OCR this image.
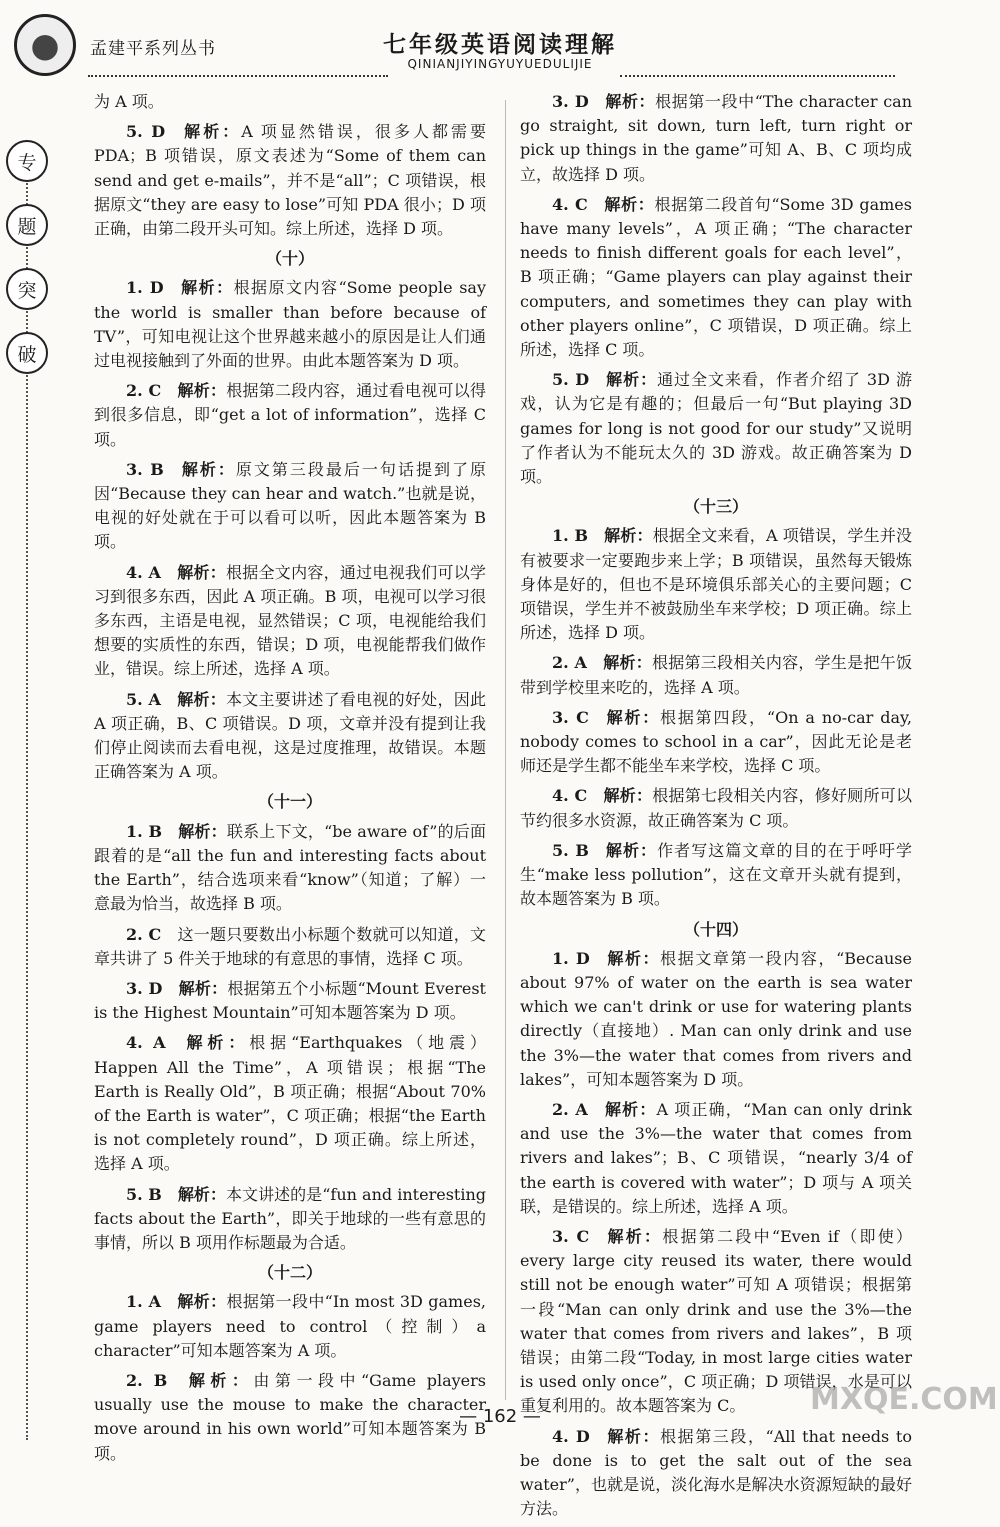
孟建平系列丛书	七年级英语阅读理解
QINIANJIYINGYUYUEDULIJIE
专
题
突
破

为 A 项。

5. D  解析：A 项显然错误，很多人都需要 PDA；B 项错误，原文表述为“Some of them can send and get e-mails”，并不是“all”；C 项错误，根据原文“they are easy to lose”可知 PDA 很小；D 项正确，由第二段开头可知。综上所述，选择 D 项。

（十）

1. D  解析：根据原文内容“Some people say the world is smaller than before because of TV”，可知电视让这个世界越来越小的原因是让人们通过电视接触到了外面的世界。由此本题答案为 D 项。

2. C  解析：根据第二段内容，通过看电视可以得到很多信息，即“get a lot of information”，选择 C 项。

3. B  解析：原文第三段最后一句话提到了原因“Because they can hear and watch.”也就是说，电视的好处就在于可以看可以听，因此本题答案为 B 项。

4. A  解析：根据全文内容，通过电视我们可以学习到很多东西，因此 A 项正确。B 项，电视可以学习很多东西，主语是电视，显然错误；C 项，电视能给我们想要的实质性的东西，错误；D 项，电视能帮我们做作业，错误。综上所述，选择 A 项。

5. A  解析：本文主要讲述了看电视的好处，因此 A 项正确，B、C 项错误。D 项，文章并没有提到让我们停止阅读而去看电视，这是过度推理，故错误。本题正确答案为 A 项。

（十一）

1. B  解析：联系上下文，“be aware of”的后面跟着的是“all the fun and interesting facts about the Earth”，结合选项来看“know”（知道；了解）一意最为恰当，故选择 B 项。

2. C  这一题只要数出小标题个数就可以知道，文章共讲了 5 件关于地球的有意思的事情，选择 C 项。

3. D  解析：根据第五个小标题“Mount Everest is the Highest Mountain”可知本题答案为 D 项。

4. A  解析：根据“Earthquakes（地震）Happen All the Time”，A 项错误；根据“The Earth is Really Old”，B 项正确；根据“About 70% of the Earth is water”，C 项正确；根据“the Earth is not completely round”，D 项正确。综上所述，选择 A 项。

5. B  解析：本文讲述的是“fun and interesting facts about the Earth”，即关于地球的一些有意思的事情，所以 B 项用作标题最为合适。

（十二）

1. A  解析：根据第一段中“In most 3D games, game players need to control（控制）a character”可知本题答案为 A 项。

2. B  解析：由第一段中“Game players usually use the mouse to make the character move around in his own world”可知本题答案为 B 项。

3. D  解析：根据第一段中“The character can go straight, sit down, turn left, turn right or pick up things in the game”可知 A、B、C 项均成立，故选择 D 项。

4. C  解析：根据第二段首句“Some 3D games have many levels”，A 项正确；“The character needs to finish different goals for each level”，B 项正确；“Game players can play against their computers, and sometimes they can play with other players online”，C 项错误，D 项正确。综上所述，选择 C 项。

5. D  解析：通过全文来看，作者介绍了 3D 游戏，认为它是有趣的；但最后一句“But playing 3D games for long is not good for our study”又说明了作者认为不能玩太久的 3D 游戏。故正确答案为 D 项。

（十三）

1. B  解析：根据全文来看，A 项错误，学生并没有被要求一定要跑步来上学；B 项错误，虽然每天锻炼身体是好的，但也不是环境俱乐部关心的主要问题；C 项错误，学生并不被鼓励坐车来学校；D 项正确。综上所述，选择 D 项。

2. A  解析：根据第三段相关内容，学生是把午饭带到学校里来吃的，选择 A 项。

3. C  解析：根据第四段，“On a no-car day, nobody comes to school in a car”，因此无论是老师还是学生都不能坐车来学校，选择 C 项。

4. C  解析：根据第七段相关内容，修好厕所可以节约很多水资源，故正确答案为 C 项。

5. B  解析：作者写这篇文章的目的在于呼吁学生“make less pollution”，这在文章开头就有提到，故本题答案为 B 项。

（十四）

1. D  解析：根据文章第一段内容，“Because about 97% of water on the earth is sea water which we can't drink or use for watering plants directly（直接地）. Man can only drink and use the 3%—the water that comes from rivers and lakes”，可知本题答案为 D 项。

2. A  解析：A 项正确，“Man can only drink and use the 3%—the water that comes from rivers and lakes”；B、C 项错误，“nearly 3/4 of the earth is covered with water”；D 项与 A 项关联，是错误的。综上所述，选择 A 项。

3. C  解析：根据第二段中“Even if（即使）every large city reused its water, there would still not be enough water”可知 A 项错误；根据第一段“Man can only drink and use the 3%—the water that comes from rivers and lakes”，B 项错误；由第二段“Today, in most large cities water is used only once”，C 项正确；D 项错误，水是可以重复利用的。故本题答案为 C。

4. D  解析：根据第三段，“All that needs to be done is to get the salt out of the sea water”，也就是说，淡化海水是解决水资源短缺的最好方法。

— 162 —	MXQE.COM
